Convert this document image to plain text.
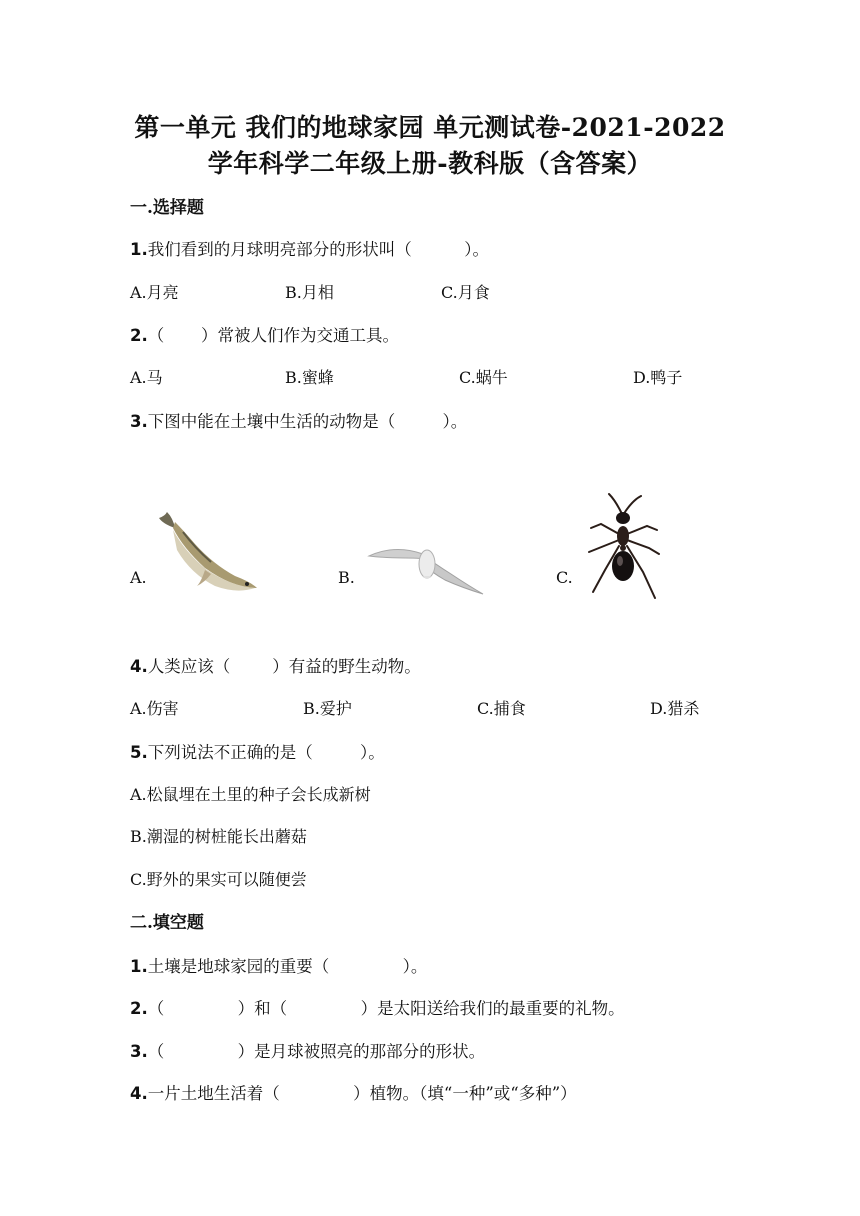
第一单元 我们的地球家园 单元测试卷-2021-2022
学年科学二年级上册-教科版（含答案）
一.选择题
1.我们看到的月球明亮部分的形状叫（          ）。
A.月亮	B.月相	C.月食
2.（       ）常被人们作为交通工具。
A.马	B.蜜蜂	C.蜗牛	D.鸭子
3.下图中能在土壤中生活的动物是（         ）。
A.	B.	C.
4.人类应该（        ）有益的野生动物。
A.伤害	B.爱护	C.捕食	D.猎杀
5.下列说法不正确的是（         ）。
A.松鼠埋在土里的种子会长成新树
B.潮湿的树桩能长出蘑菇
C.野外的果实可以随便尝
二.填空题
1.土壤是地球家园的重要（              ）。
2.（              ）和（              ）是太阳送给我们的最重要的礼物。
3.（              ）是月球被照亮的那部分的形状。
4.一片土地生活着（              ）植物。（填“一种”或“多种”）
